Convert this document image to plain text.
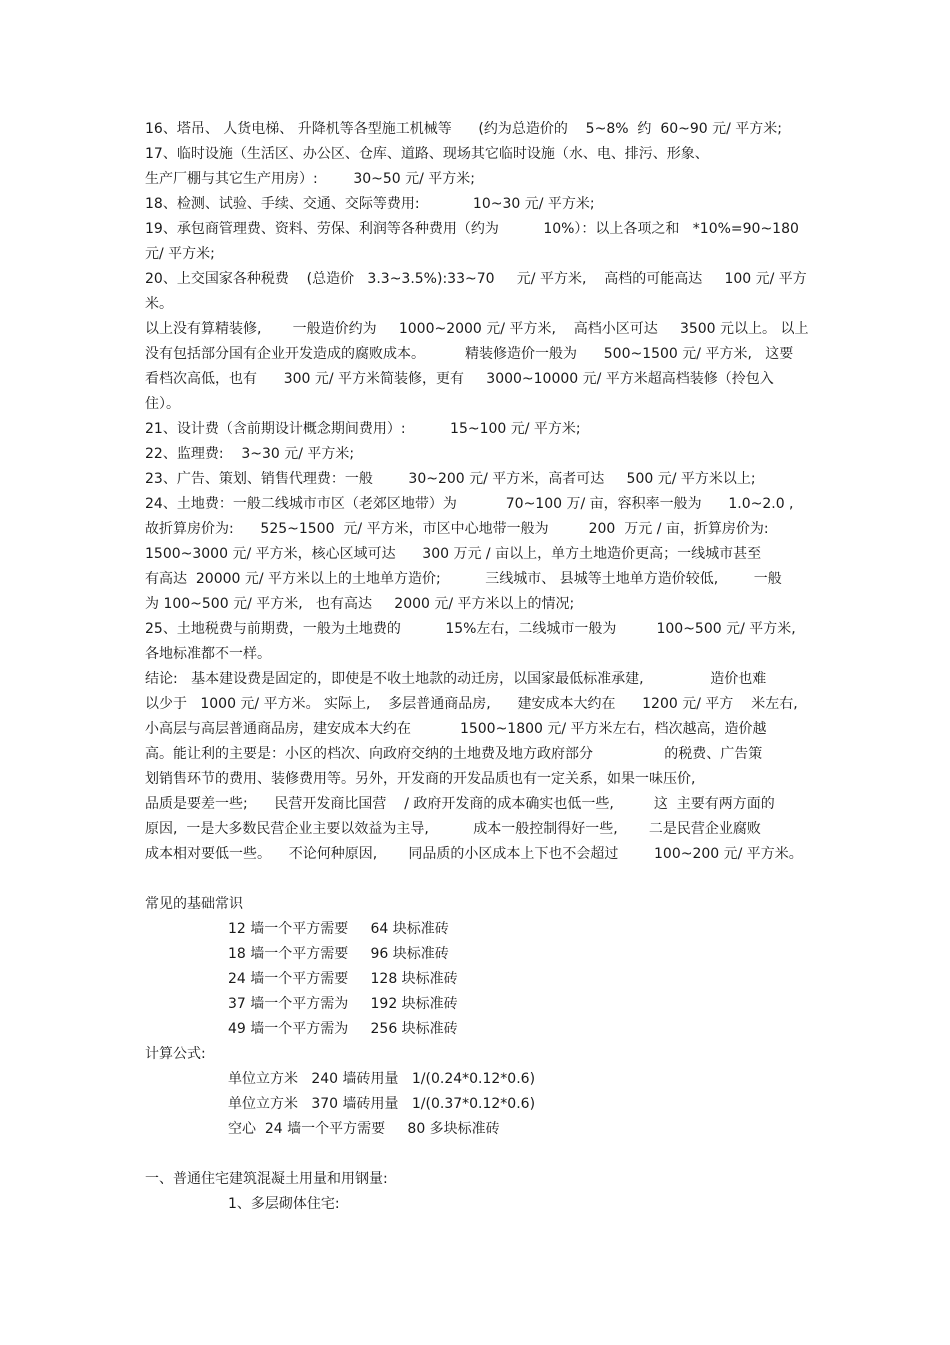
16、塔吊、 人货电梯、 升降机等各型施工机械等      (约为总造价的    5~8%  约  60~90 元/ 平方米;
17、临时设施（生活区、办公区、仓库、道路、现场其它临时设施（水、电、排污、形象、
生产厂棚与其它生产用房）:        30~50 元/ 平方米;
18、检测、试验、手续、交通、交际等费用:            10~30 元/ 平方米;
19、承包商管理费、资料、劳保、利润等各种费用（约为          10%）：以上各项之和   *10%=90~180
元/ 平方米;
20、上交国家各种税费    (总造价   3.3~3.5%):33~70     元/ 平方米,    高档的可能高达     100 元/ 平方
米。
以上没有算精装修,       一般造价约为     1000~2000 元/ 平方米,    高档小区可达     3500 元以上。 以上
没有包括部分国有企业开发造成的腐败成本。         精装修造价一般为      500~1500 元/ 平方米,   这要
看档次高低，也有      300 元/ 平方米简装修，更有     3000~10000 元/ 平方米超高档装修（拎包入
住）。
21、设计费（含前期设计概念期间费用）:          15~100 元/ 平方米;
22、监理费:    3~30 元/ 平方米;
23、广告、策划、销售代理费：一般        30~200 元/ 平方米，高者可达     500 元/ 平方米以上;
24、土地费：一般二线城市市区（老郊区地带）为           70~100 万/ 亩，容积率一般为      1.0~2.0 ,
故折算房价为:      525~1500  元/ 平方米，市区中心地带一般为         200  万元 / 亩，折算房价为:
1500~3000 元/ 平方米，核心区域可达      300 万元 / 亩以上，单方土地造价更高；一线城市甚至
有高达  20000 元/ 平方米以上的土地单方造价;          三线城市、 县城等土地单方造价较低,        一般
为 100~500 元/ 平方米,   也有高达     2000 元/ 平方米以上的情况;
25、土地税费与前期费，一般为土地费的          15%左右，二线城市一般为         100~500 元/ 平方米,
各地标准都不一样。
结论:   基本建设费是固定的，即使是不收土地款的动迁房，以国家最低标准承建,               造价也难
以少于   1000 元/ 平方米。 实际上,    多层普通商品房,      建安成本大约在      1200 元/ 平方    米左右,
小高层与高层普通商品房，建安成本大约在           1500~1800 元/ 平方米左右，档次越高，造价越
高。能让利的主要是：小区的档次、向政府交纳的土地费及地方政府部分                的税费、广告策
划销售环节的费用、装修费用等。另外，开发商的开发品质也有一定关系，如果一味压价,
品质是要差一些;      民营开发商比国营    / 政府开发商的成本确实也低一些,         这  主要有两方面的
原因,  一是大多数民营企业主要以效益为主导,          成本一般控制得好一些,       二是民营企业腐败
成本相对要低一些。    不论何种原因,       同品质的小区成本上下也不会超过        100~200 元/ 平方米。
常见的基础常识
12 墙一个平方需要     64 块标准砖
18 墙一个平方需要     96 块标准砖
24 墙一个平方需要     128 块标准砖
37 墙一个平方需为     192 块标准砖
49 墙一个平方需为     256 块标准砖
计算公式:
单位立方米   240 墙砖用量   1/(0.24*0.12*0.6)
单位立方米   370 墙砖用量   1/(0.37*0.12*0.6)
空心  24 墙一个平方需要     80 多块标准砖
一、普通住宅建筑混凝土用量和用钢量:
1、多层砌体住宅:
